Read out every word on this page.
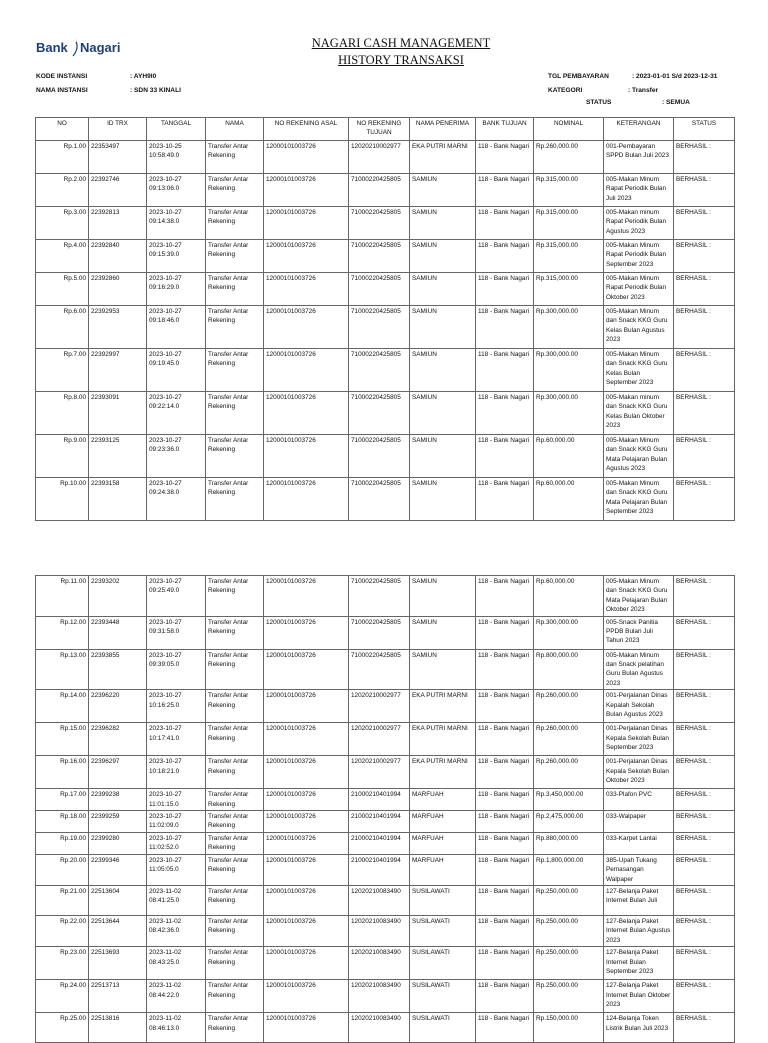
Bank Nagari	NAGARI CASH MANAGEMENT
HISTORY TRANSAKSI
KODE INSTANSI	: AYH9I0
NAMA INSTANSI	: SDN 33 KINALI
TGL PEMBAYARAN	: 2023-01-01 S/d 2023-12-31
KATEGORI	: Transfer
STATUS	: SEMUA
NO	ID TRX	TANGGAL	NAMA	NO REKENING ASAL	NO REKENING TUJUAN	NAMA PENERIMA	BANK TUJUAN	NOMINAL	KETERANGAN	STATUS
Rp.1.00	22353497	2023-10-25 10:58:49.0	Transfer Antar Rekening	12000101003726	12020210002977	EKA PUTRI MARNI	118 - Bank Nagari	Rp.260,000.00	001-Pembayaran SPPD Bulan Juli 2023	BERHASIL :
Rp.2.00	22392746	2023-10-27 09:13:06.0	Transfer Antar Rekening	12000101003726	71000220425805	SAMIUN	118 - Bank Nagari	Rp.315,000.00	005-Makan Minum Rapat Periodik Bulan Juli 2023	BERHASIL :
Rp.3.00	22392813	2023-10-27 09:14:38.0	Transfer Antar Rekening	12000101003726	71000220425805	SAMIUN	118 - Bank Nagari	Rp.315,000.00	005-Makan minum Rapat Periodik Bulan Agustus 2023	BERHASIL :
Rp.4.00	22392840	2023-10-27 09:15:39.0	Transfer Antar Rekening	12000101003726	71000220425805	SAMIUN	118 - Bank Nagari	Rp.315,000.00	005-Makan Minum Rapat Periodik Bulan September 2023	BERHASIL :
Rp.5.00	22392860	2023-10-27 09:16:29.0	Transfer Antar Rekening	12000101003726	71000220425805	SAMIUN	118 - Bank Nagari	Rp.315,000.00	005-Makan Minum Rapat Periodik Bulan Oktober 2023	BERHASIL :
Rp.6.00	22392953	2023-10-27 09:18:46.0	Transfer Antar Rekening	12000101003726	71000220425805	SAMIUN	118 - Bank Nagari	Rp.300,000.00	005-Makan Minum dan Snack KKG Guru Kelas Bulan Agustus 2023	BERHASIL :
Rp.7.00	22392997	2023-10-27 09:19:45.0	Transfer Antar Rekening	12000101003726	71000220425805	SAMIUN	118 - Bank Nagari	Rp.300,000.00	005-Makan Minum dan Snack KKG Guru Kelas Bulan September 2023	BERHASIL :
Rp.8.00	22393091	2023-10-27 09:22:14.0	Transfer Antar Rekening	12000101003726	71000220425805	SAMIUN	118 - Bank Nagari	Rp.300,000.00	005-Makan minum dan Snack KKG Guru Kelas Bulan Oktober 2023	BERHASIL :
Rp.9.00	22393125	2023-10-27 09:23:36.0	Transfer Antar Rekening	12000101003726	71000220425805	SAMIUN	118 - Bank Nagari	Rp.60,000.00	005-Makan Minum dan Snack KKG Guru Mata Pelajaran Bulan Agustus 2023	BERHASIL :
Rp.10.00	22393158	2023-10-27 09:24:38.0	Transfer Antar Rekening	12000101003726	71000220425805	SAMIUN	118 - Bank Nagari	Rp.60,000.00	005-Makan Minum dan Snack KKG Guru Mata Pelajaran Bulan September 2023	BERHASIL :
Rp.11.00	22393202	2023-10-27 09:25:49.0	Transfer Antar Rekening	12000101003726	71000220425805	SAMIUN	118 - Bank Nagari	Rp.60,000.00	005-Makan Minum dan Snack KKG Guru Mata Pelajaran Bulan Oktober 2023	BERHASIL :
Rp.12.00	22393448	2023-10-27 09:31:58.0	Transfer Antar Rekening	12000101003726	71000220425805	SAMIUN	118 - Bank Nagari	Rp.300,000.00	005-Snack Panitia PPDB Bulan Juli Tahun 2023	BERHASIL :
Rp.13.00	22393855	2023-10-27 09:39:05.0	Transfer Antar Rekening	12000101003726	71000220425805	SAMIUN	118 - Bank Nagari	Rp.800,000.00	005-Makan Minum dan Snack pelatihan Guru Bulan Agustus 2023	BERHASIL :
Rp.14.00	22396220	2023-10-27 10:16:25.0	Transfer Antar Rekening	12000101003726	12020210002977	EKA PUTRI MARNI	118 - Bank Nagari	Rp.260,000.00	001-Perjalanan Dinas Kepalah Sekolah Bulan Agustus 2023	BERHASIL :
Rp.15.00	22396282	2023-10-27 10:17:41.0	Transfer Antar Rekening	12000101003726	12020210002977	EKA PUTRI MARNI	118 - Bank Nagari	Rp.260,000.00	001-Perjalanan Dinas Kepala Sekolah Bulan September 2023	BERHASIL :
Rp.16.00	22396297	2023-10-27 10:18:21.0	Transfer Antar Rekening	12000101003726	12020210002977	EKA PUTRI MARNI	118 - Bank Nagari	Rp.260,000.00	001-Perjalanan Dinas Kepala Sekolah Bulan Oktober 2023	BERHASIL :
Rp.17.00	22399238	2023-10-27 11:01:15.0	Transfer Antar Rekening	12000101003726	21000210401994	MARFUAH	118 - Bank Nagari	Rp.3,450,000.00	033-Plafon PVC	BERHASIL :
Rp.18.00	22399259	2023-10-27 11:02:09.0	Transfer Antar Rekening	12000101003726	21000210401994	MARFUAH	118 - Bank Nagari	Rp.2,475,000.00	033-Walpaper	BERHASIL :
Rp.19.00	22399280	2023-10-27 11:02:52.0	Transfer Antar Rekening	12000101003726	21000210401994	MARFUAH	118 - Bank Nagari	Rp.880,000.00	033-Karpet Lantai	BERHASIL :
Rp.20.00	22399346	2023-10-27 11:05:05.0	Transfer Antar Rekening	12000101003726	21000210401994	MARFUAH	118 - Bank Nagari	Rp.1,800,000.00	385-Upah Tukang Pemasangan Walpaper	BERHASIL :
Rp.21.00	22513604	2023-11-02 08:41:25.0	Transfer Antar Rekening	12000101003726	12020210083490	SUSILAWATI	118 - Bank Nagari	Rp.250,000.00	127-Belanja Paket Internet Bulan Juli	BERHASIL :
Rp.22.00	22513644	2023-11-02 08:42:36.0	Transfer Antar Rekening	12000101003726	12020210083490	SUSILAWATI	118 - Bank Nagari	Rp.250,000.00	127-Belanja Paket Internet Bulan Agustus 2023	BERHASIL :
Rp.23.00	22513693	2023-11-02 08:43:25.0	Transfer Antar Rekening	12000101003726	12020210083490	SUSILAWATI	118 - Bank Nagari	Rp.250,000.00	127-Belanja Paket Internet Bulan September 2023	BERHASIL :
Rp.24.00	22513713	2023-11-02 08:44:22.0	Transfer Antar Rekening	12000101003726	12020210083490	SUSILAWATI	118 - Bank Nagari	Rp.250,000.00	127-Belanja Paket Internet Bulan Oktober 2023	BERHASIL :
Rp.25.00	22513816	2023-11-02 08:46:13.0	Transfer Antar Rekening	12000101003726	12020210083490	SUSILAWATI	118 - Bank Nagari	Rp.150,000.00	124-Belanja Token Listrik Bulan Juli 2023	BERHASIL :
